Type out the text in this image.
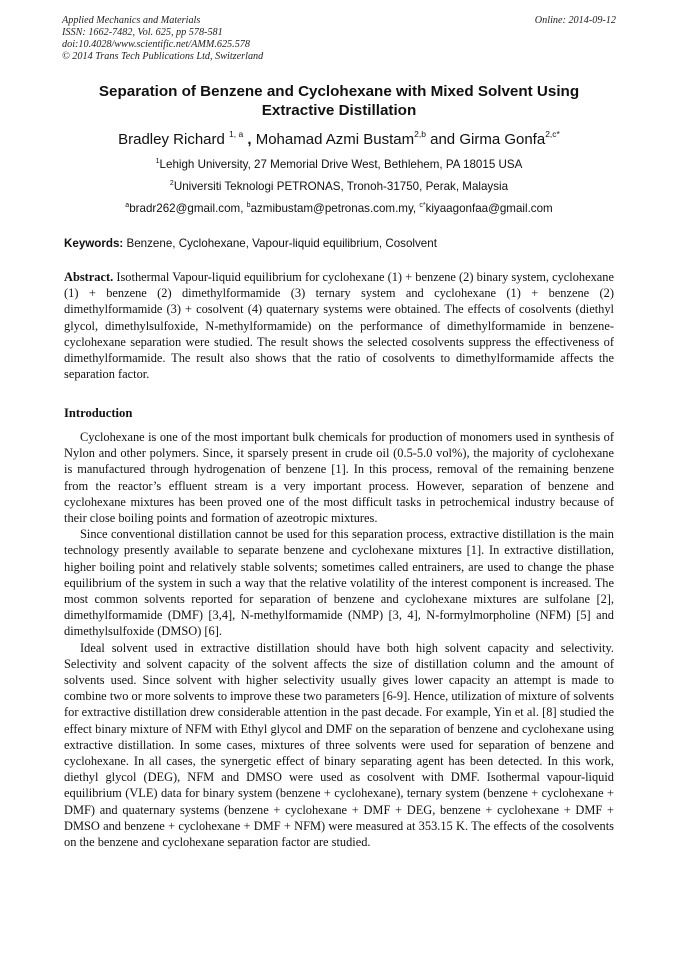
Applied Mechanics and Materials
ISSN: 1662-7482, Vol. 625, pp 578-581
doi:10.4028/www.scientific.net/AMM.625.578
© 2014 Trans Tech Publications Ltd, Switzerland
Online: 2014-09-12
Separation of Benzene and Cyclohexane with Mixed Solvent Using
Extractive Distillation
Bradley Richard $^{1, a}$ , Mohamad Azmi Bustam$^{2,b}$ and Girma Gonfa$^{2,c*}$
$^1$Lehigh University, 27 Memorial Drive West, Bethlehem, PA 18015 USA
$^2$Universiti Teknologi PETRONAS, Tronoh-31750, Perak, Malaysia
$^a$bradr262@gmail.com, $^b$azmibustam@petronas.com.my, $^{c*}$kiyaagonfaa@gmail.com
Keywords: Benzene, Cyclohexane, Vapour-liquid equilibrium, Cosolvent
Abstract. Isothermal Vapour-liquid equilibrium for cyclohexane (1) + benzene (2) binary system, cyclohexane (1) + benzene (2) dimethylformamide (3) ternary system and cyclohexane (1) + benzene (2) dimethylformamide (3) + cosolvent (4) quaternary systems were obtained. The effects of cosolvents (diethyl glycol, dimethylsulfoxide, N-methylformamide) on the performance of dimethylformamide in benzene-cyclohexane separation were studied. The result shows the selected cosolvents suppress the effectiveness of dimethylformamide. The result also shows that the ratio of cosolvents to dimethylformamide affects the separation factor.
Introduction

Cyclohexane is one of the most important bulk chemicals for production of monomers used in synthesis of Nylon and other polymers. Since, it sparsely present in crude oil (0.5-5.0 vol%), the majority of cyclohexane is manufactured through hydrogenation of benzene [1]. In this process, removal of the remaining benzene from the reactor’s effluent stream is a very important process. However, separation of benzene and cyclohexane mixtures has been proved one of the most difficult tasks in petrochemical industry because of their close boiling points and formation of azeotropic mixtures.

Since conventional distillation cannot be used for this separation process, extractive distillation is the main technology presently available to separate benzene and cyclohexane mixtures [1]. In extractive distillation, higher boiling point and relatively stable solvents; sometimes called entrainers, are used to change the phase equilibrium of the system in such a way that the relative volatility of the interest component is increased. The most common solvents reported for separation of benzene and cyclohexane mixtures are sulfolane [2], dimethylformamide (DMF) [3,4], N-methylformamide (NMP) [3, 4], N-formylmorpholine (NFM) [5] and dimethylsulfoxide (DMSO) [6].

Ideal solvent used in extractive distillation should have both high solvent capacity and selectivity. Selectivity and solvent capacity of the solvent affects the size of distillation column and the amount of solvents used. Since solvent with higher selectivity usually gives lower capacity an attempt is made to combine two or more solvents to improve these two parameters [6-9]. Hence, utilization of mixture of solvents for extractive distillation drew considerable attention in the past decade. For example, Yin et al. [8] studied the effect binary mixture of NFM with Ethyl glycol and DMF on the separation of benzene and cyclohexane using extractive distillation. In some cases, mixtures of three solvents were used for separation of benzene and cyclohexane. In all cases, the synergetic effect of binary separating agent has been detected. In this work, diethyl glycol (DEG), NFM and DMSO were used as cosolvent with DMF. Isothermal vapour-liquid equilibrium (VLE) data for binary system (benzene + cyclohexane), ternary system (benzene + cyclohexane + DMF) and quaternary systems (benzene + cyclohexane + DMF + DEG, benzene + cyclohexane + DMF + DMSO and benzene + cyclohexane + DMF + NFM) were measured at 353.15 K. The effects of the cosolvents on the benzene and cyclohexane separation factor are studied.
